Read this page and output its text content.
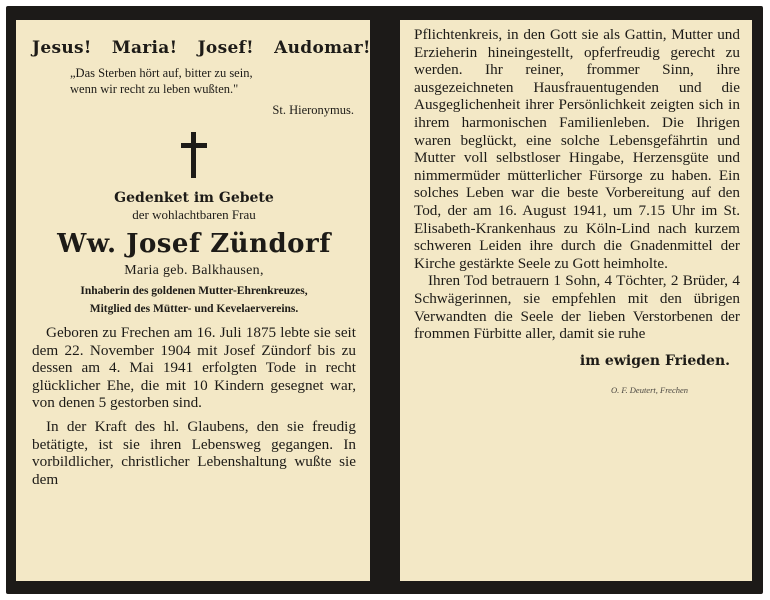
Jesus! Maria! Josef! Audomar!

„Das Sterben hört auf, bitter zu sein,
wenn wir recht zu leben wußten."
St. Hieronymus.
Gedenket im Gebete
der wohlachtbaren Frau
Ww. Josef Zündorf
Maria geb. Balkhausen,
Inhaberin des goldenen Mutter-Ehrenkreuzes,
Mitglied des Mütter- und Kevelaervereins.

Geboren zu Frechen am 16. Juli 1875 lebte sie seit dem 22. November 1904 mit Josef Zündorf bis zu dessen am 4. Mai 1941 erfolgten Tode in recht glücklicher Ehe, die mit 10 Kindern gesegnet war, von denen 5 gestorben sind.

In der Kraft des hl. Glaubens, den sie freudig betätigte, ist sie ihren Lebensweg gegangen. In vorbildlicher, christlicher Lebenshaltung wußte sie dem

Pflichtenkreis, in den Gott sie als Gattin, Mutter und Erzieherin hineingestellt, opferfreudig gerecht zu werden. Ihr reiner, frommer Sinn, ihre ausgezeichneten Hausfrauentugenden und die Ausgeglichenheit ihrer Persönlichkeit zeigten sich in ihrem harmonischen Familienleben. Die Ihrigen waren beglückt, eine solche Lebensgefährtin und Mutter voll selbstloser Hingabe, Herzensgüte und nimmermüder mütterlicher Fürsorge zu haben. Ein solches Leben war die beste Vorbereitung auf den Tod, der am 16. August 1941, um 7.15 Uhr im St. Elisabeth-Krankenhaus zu Köln-Lind nach kurzem schweren Leiden ihre durch die Gnadenmittel der Kirche gestärkte Seele zu Gott heimholte.

Ihren Tod betrauern 1 Sohn, 4 Töchter, 2 Brüder, 4 Schwägerinnen, sie empfehlen mit den übrigen Verwandten die Seele der lieben Verstorbenen der frommen Fürbitte aller, damit sie ruhe

im ewigen Frieden.
O. F. Deutert, Frechen
